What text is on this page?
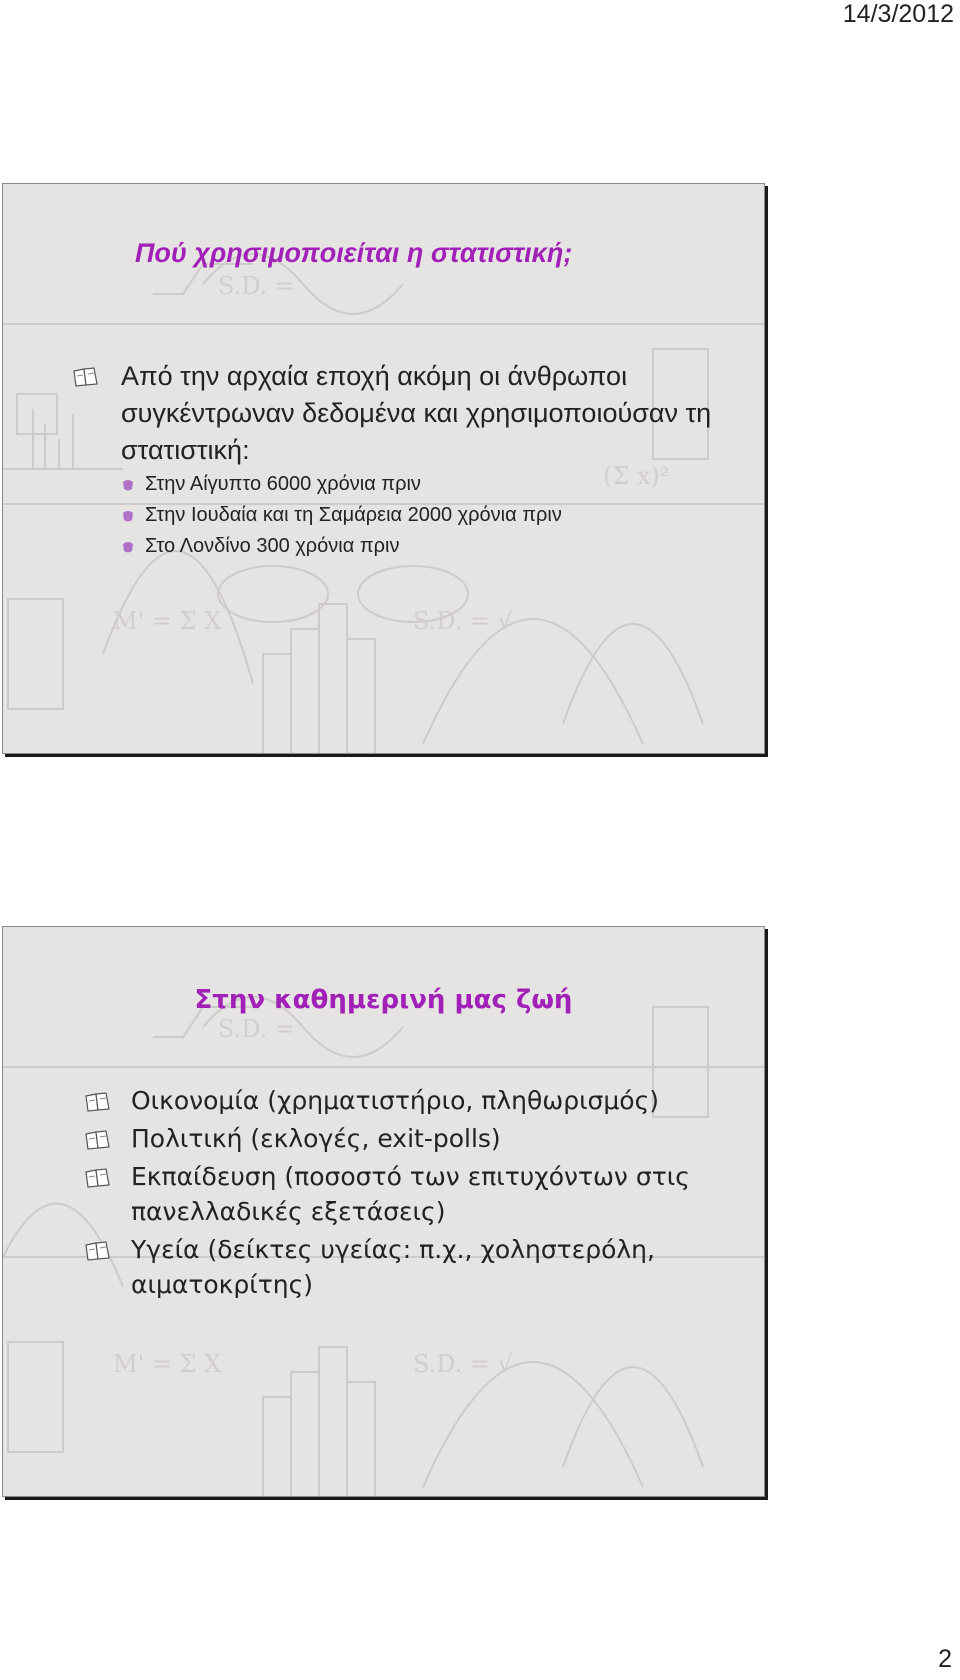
14/3/2012
S.D. =
(Σ x)²
M' = Σ X	S.D. = √
Πού χρησιμοποιείται η στατιστική;
Από την αρχαία εποχή ακόμη οι άνθρωποι συγκέντρωναν δεδομένα και χρησιμοποιούσαν τη στατιστική:
Στην Αίγυπτο 6000 χρόνια πριν
Στην Ιουδαία και τη Σαμάρεια 2000 χρόνια πριν
Στο Λονδίνο 300 χρόνια πριν
S.D. =
M' = Σ X	S.D. = √
Στην καθημερινή μας ζωή
Οικονομία (χρηματιστήριο, πληθωρισμός)
Πολιτική (εκλογές, exit-polls)
Εκπαίδευση (ποσοστό των επιτυχόντων στις πανελλαδικές εξετάσεις)
Υγεία (δείκτες υγείας: π.χ., χοληστερόλη, αιματοκρίτης)
2
